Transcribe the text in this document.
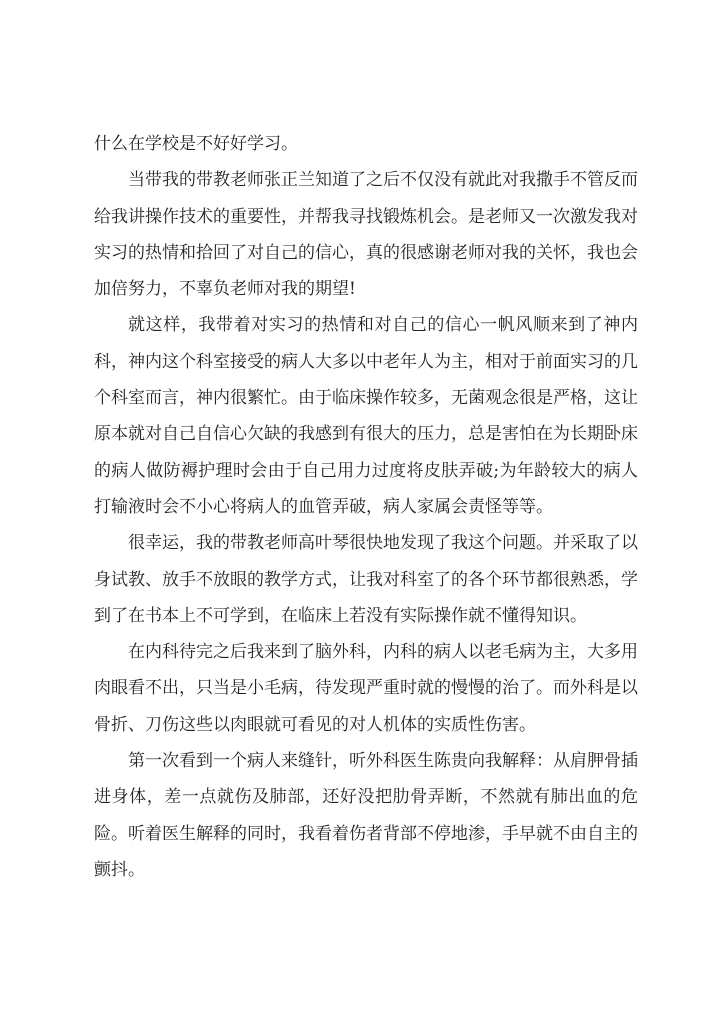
什么在学校是不好好学习。

当带我的带教老师张正兰知道了之后不仅没有就此对我撒手不管反而给我讲操作技术的重要性，并帮我寻找锻炼机会。是老师又一次激发我对实习的热情和拾回了对自己的信心，真的很感谢老师对我的关怀，我也会加倍努力，不辜负老师对我的期望!

就这样，我带着对实习的热情和对自己的信心一帆风顺来到了神内科，神内这个科室接受的病人大多以中老年人为主，相对于前面实习的几个科室而言，神内很繁忙。由于临床操作较多，无菌观念很是严格，这让原本就对自己自信心欠缺的我感到有很大的压力，总是害怕在为长期卧床的病人做防褥护理时会由于自己用力过度将皮肤弄破;为年龄较大的病人打输液时会不小心将病人的血管弄破，病人家属会责怪等等。

很幸运，我的带教老师高叶琴很快地发现了我这个问题。并采取了以身试教、放手不放眼的教学方式，让我对科室了的各个环节都很熟悉，学到了在书本上不可学到，在临床上若没有实际操作就不懂得知识。

在内科待完之后我来到了脑外科，内科的病人以老毛病为主，大多用肉眼看不出，只当是小毛病，待发现严重时就的慢慢的治了。而外科是以骨折、刀伤这些以肉眼就可看见的对人机体的实质性伤害。

第一次看到一个病人来缝针，听外科医生陈贵向我解释：从肩胛骨插进身体，差一点就伤及肺部，还好没把肋骨弄断，不然就有肺出血的危险。听着医生解释的同时，我看着伤者背部不停地渗，手早就不由自主的颤抖。
